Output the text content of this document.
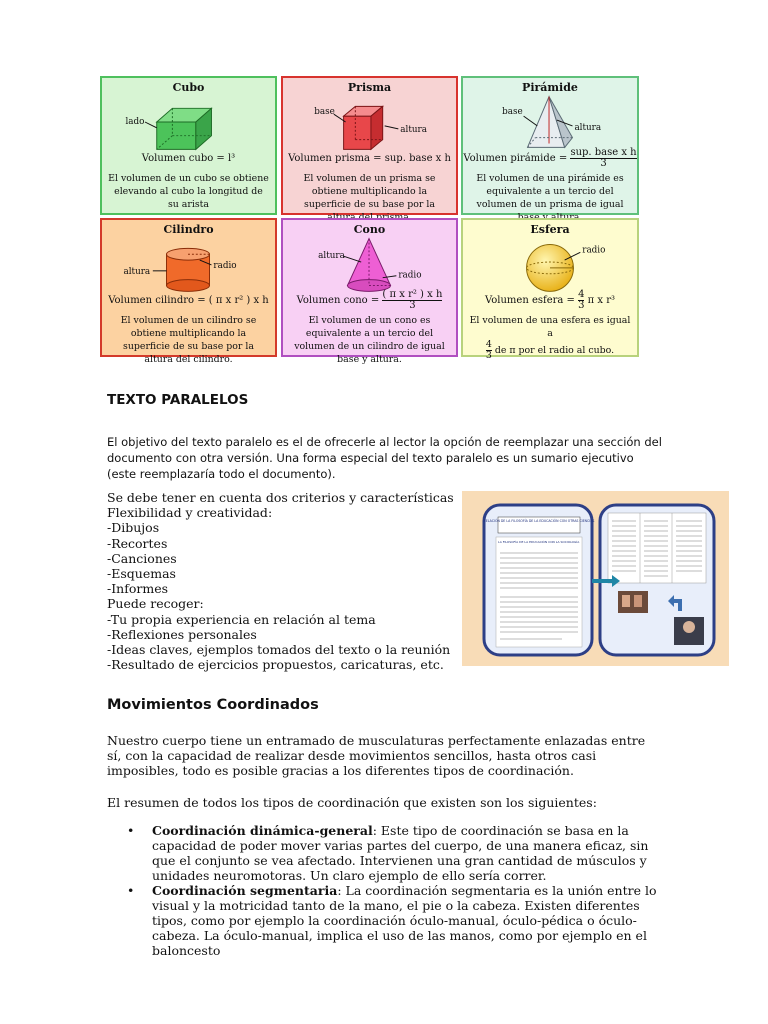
Cubo
lado
Volumen cubo = l³
El volumen de un cubo se obtiene elevando al cubo la longitud de su arista
Prisma
base
altura
Volumen prisma = sup. base x h
El volumen de un prisma se obtiene multiplicando la superficie de su base por la
Pirámide
base
altura
Volumen pirámide =
sup. base x h
3
El volumen de una pirámide es equivalente a un tercio del volumen de un prisma de igual
Cilindro
altura
radio
Volumen cilindro = ( π x r² ) x h
El volumen de un cilindro se obtiene multiplicando la superficie de su base por la altura del cilindro.
Cono
altura
radio
Volumen cono = $\frac{\text{( π x r² ) x h}}{3}$
El volumen de un cono es equivalente a un tercio del volumen de un cilindro de igual base y altura.
Esfera
radio
Volumen esfera = $\frac{4}{3}$ π x r³
El volumen de una esfera es igual a
$\frac{4}{3}$ de π por el radio al cubo.
TEXTO PARALELOS
El objetivo del texto paralelo es el de ofrecerle al lector la opción de reemplazar una sección del documento con otra versión. Una forma especial del texto paralelo es un sumario ejecutivo (este reemplazaría todo el documento).
Se debe tener en cuenta dos criterios y características
Flexibilidad y creatividad:
-Dibujos
-Recortes
-Canciones
-Esquemas
-Informes
Puede recoger:
-Tu propia experiencia en relación al tema
-Reflexiones personales
-Ideas claves, ejemplos tomados del texto o la reunión
-Resultado de ejercicios propuestos, caricaturas, etc.
RELACIÓN DE LA FILOSOFÍA DE LA EDUCACIÓN CON OTRAS CIENCIAS
LA FILOSOFÍA DE LA EDUCACIÓN CON LA SOCIOLOGÍA
Movimientos Coordinados
Nuestro cuerpo tiene un entramado de musculaturas perfectamente enlazadas entre sí, con la capacidad de realizar desde movimientos sencillos, hasta otros casi imposibles, todo es posible gracias a los diferentes tipos de coordinación.
El resumen de todos los tipos de coordinación que existen son los siguientes:
• Coordinación dinámica-general: Este tipo de coordinación se basa en la capacidad de poder mover varias partes del cuerpo, de una manera eficaz, sin que el conjunto se vea afectado. Intervienen una gran cantidad de músculos y unidades neuromotoras. Un claro ejemplo de ello sería correr.
• Coordinación segmentaria: La coordinación segmentaria es la unión entre lo visual y la motricidad tanto de la mano, el pie o la cabeza. Existen diferentes tipos, como por ejemplo la coordinación óculo-manual, óculo-pédica o óculo-cabeza. La óculo-manual, implica el uso de las manos, como por ejemplo en el baloncesto
